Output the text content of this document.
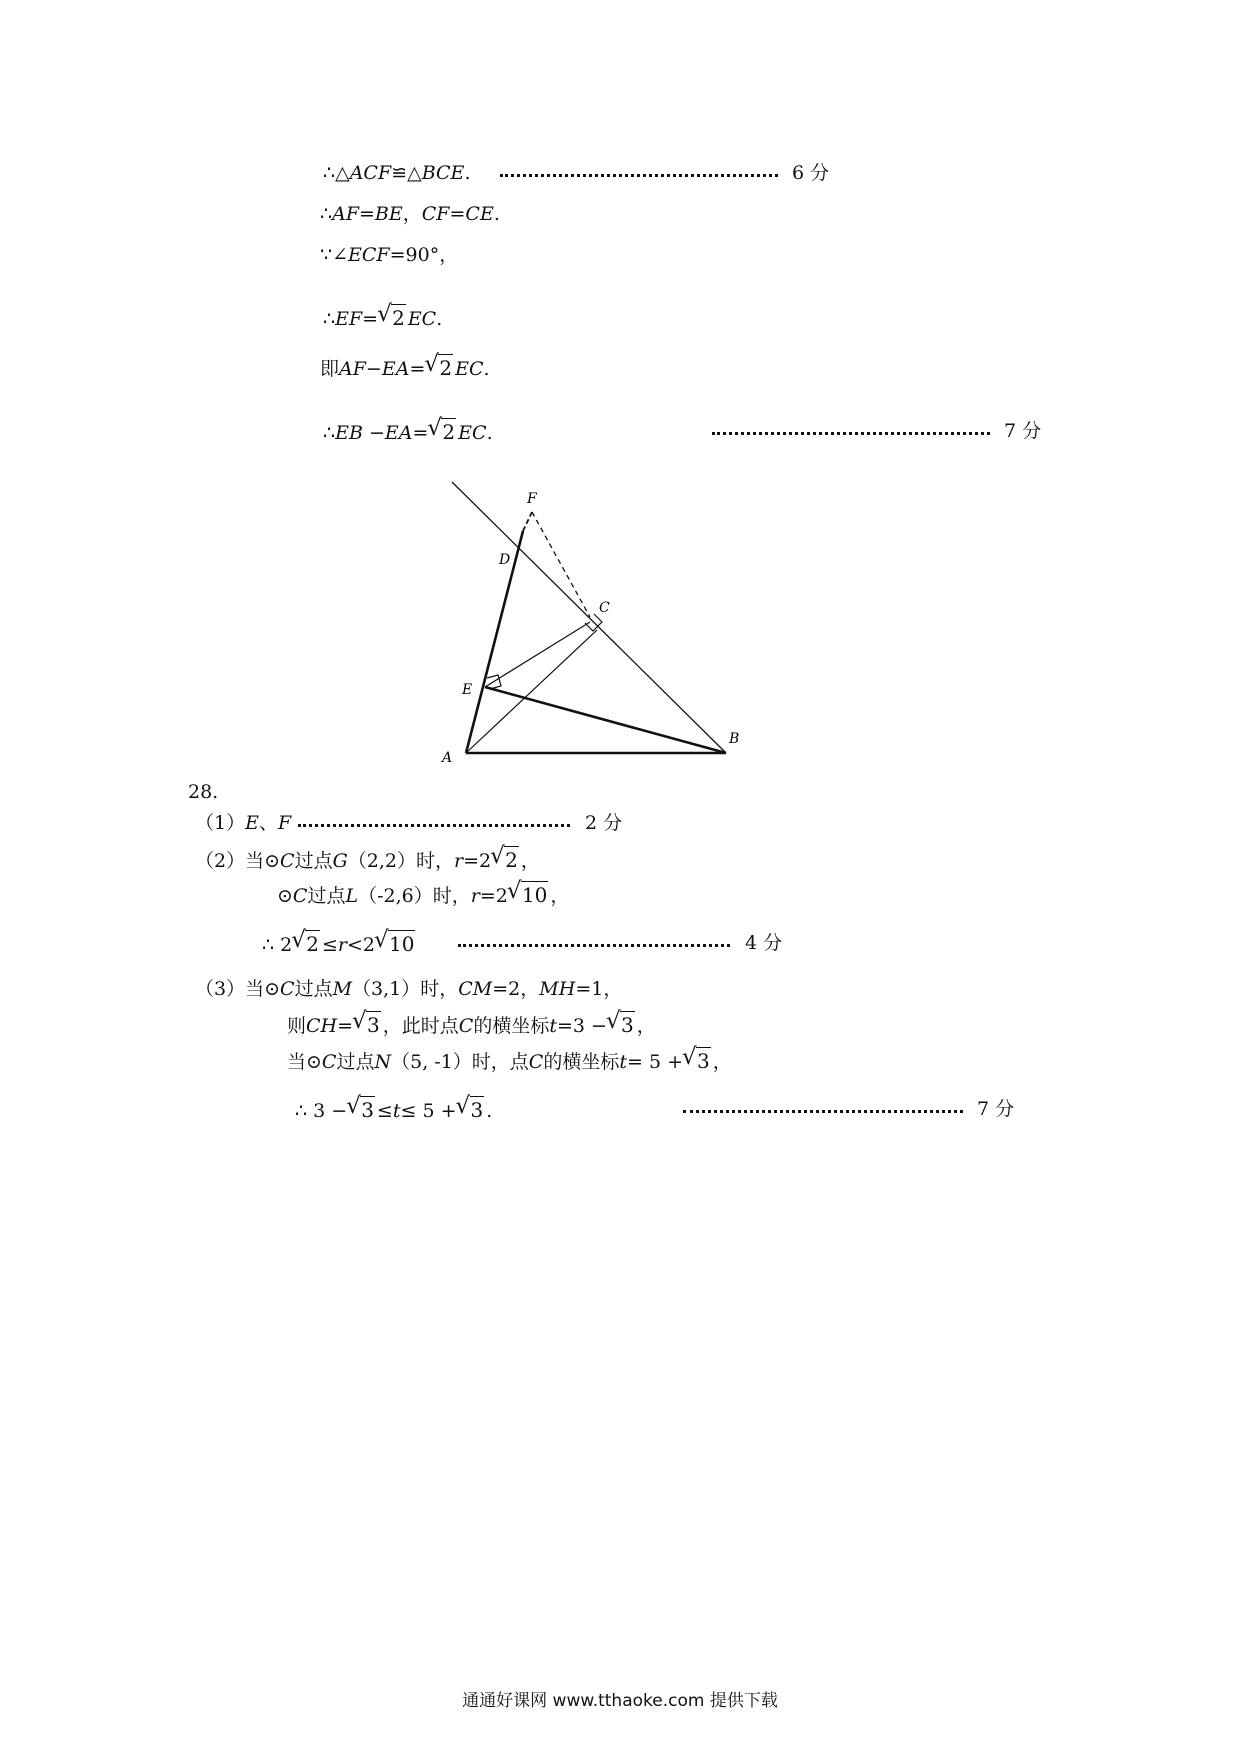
∴△ACF≌△BCE.	6 分
∴AF=BE，CF=CE.
∵∠ECF=90°，
∴EF= √ 2 EC.
即AF−EA= √ 2 EC.
∴EB −EA= √ 2 EC.	7 分
F
D
C
E
B
A
28.
（1）E、F	2 分
（2）当⊙C过点G（2,2）时，r=2 √ 2 ，
⊙C过点L（-2,6）时，r=2 √ 10 ，
∴ 2 √ 2≤r<2 √ 10	4 分
（3）当⊙C过点M（3,1）时，CM=2，MH=1，
则CH= √ 3 ，此时点C的横坐标t=3 − √ 3 ，
当⊙C过点N（5, -1）时，点C的横坐标t= 5 + √ 3 ，
∴ 3 − √ 3≤t≤ 5 + √ 3 .	7 分
通通好课网 www.tthaoke.com 提供下载
